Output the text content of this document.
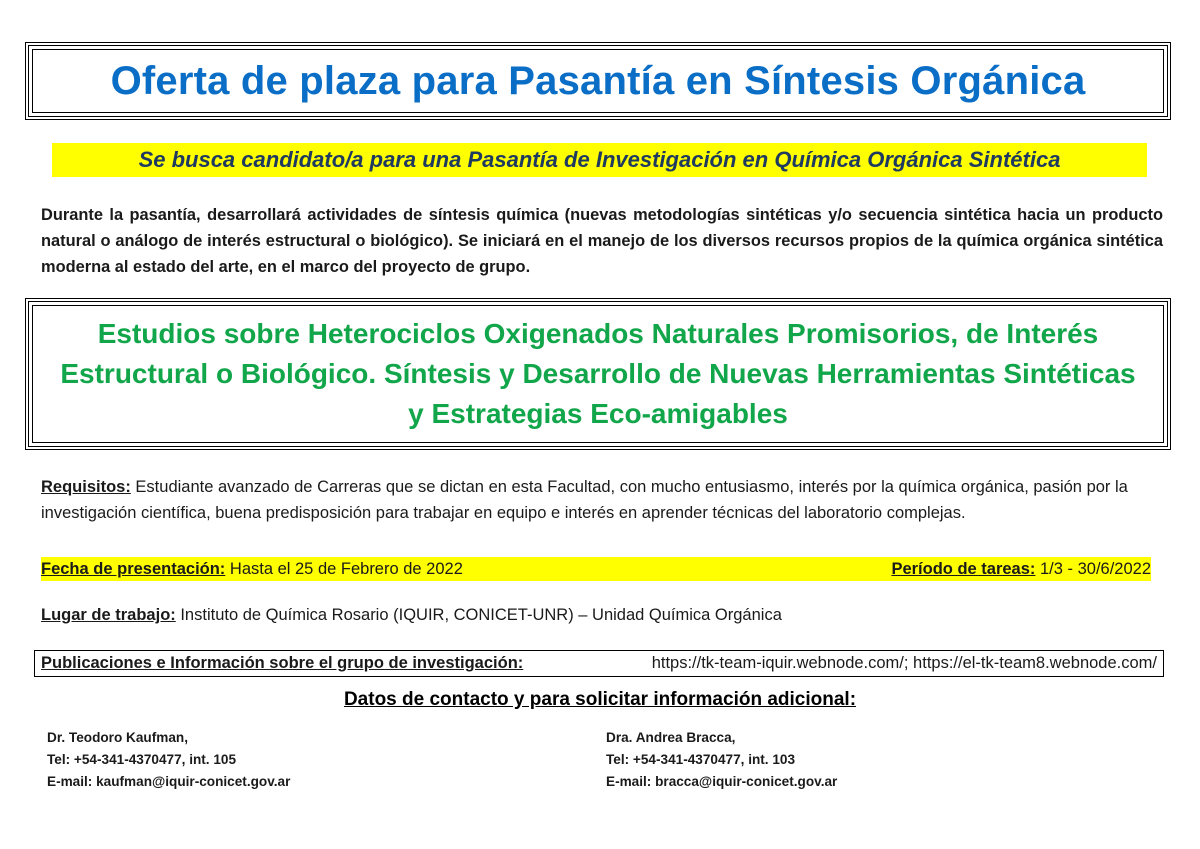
Oferta de plaza para Pasantía en Síntesis Orgánica
Se busca candidato/a para una Pasantía de Investigación en Química Orgánica Sintética
Durante la pasantía, desarrollará actividades de síntesis química (nuevas metodologías sintéticas y/o secuencia sintética hacia un producto natural o análogo de interés estructural o biológico). Se iniciará en el manejo de los diversos recursos propios de la química orgánica sintética moderna al estado del arte, en el marco del proyecto de grupo.

Estudios sobre Heterociclos Oxigenados Naturales Promisorios, de Interés Estructural o Biológico. Síntesis y Desarrollo de Nuevas Herramientas Sintéticas y Estrategias Eco-amigables

Requisitos: Estudiante avanzado de Carreras que se dictan en esta Facultad, con mucho entusiasmo, interés por la química orgánica, pasión por la investigación científica, buena predisposición para trabajar en equipo e interés en aprender técnicas del laboratorio complejas.
Fecha de presentación: Hasta el 25 de Febrero de 2022	Período de tareas: 1/3 - 30/6/2022
Lugar de trabajo: Instituto de Química Rosario (IQUIR, CONICET-UNR) – Unidad Química Orgánica
Publicaciones e Información sobre el grupo de investigación:	https://tk-team-iquir.webnode.com/; https://el-tk-team8.webnode.com/
Datos de contacto y para solicitar información adicional:
Dr. Teodoro Kaufman,
Tel: +54-341-4370477, int. 105
E-mail: kaufman@iquir-conicet.gov.ar
Dra. Andrea Bracca,
Tel: +54-341-4370477, int. 103
E-mail: bracca@iquir-conicet.gov.ar
